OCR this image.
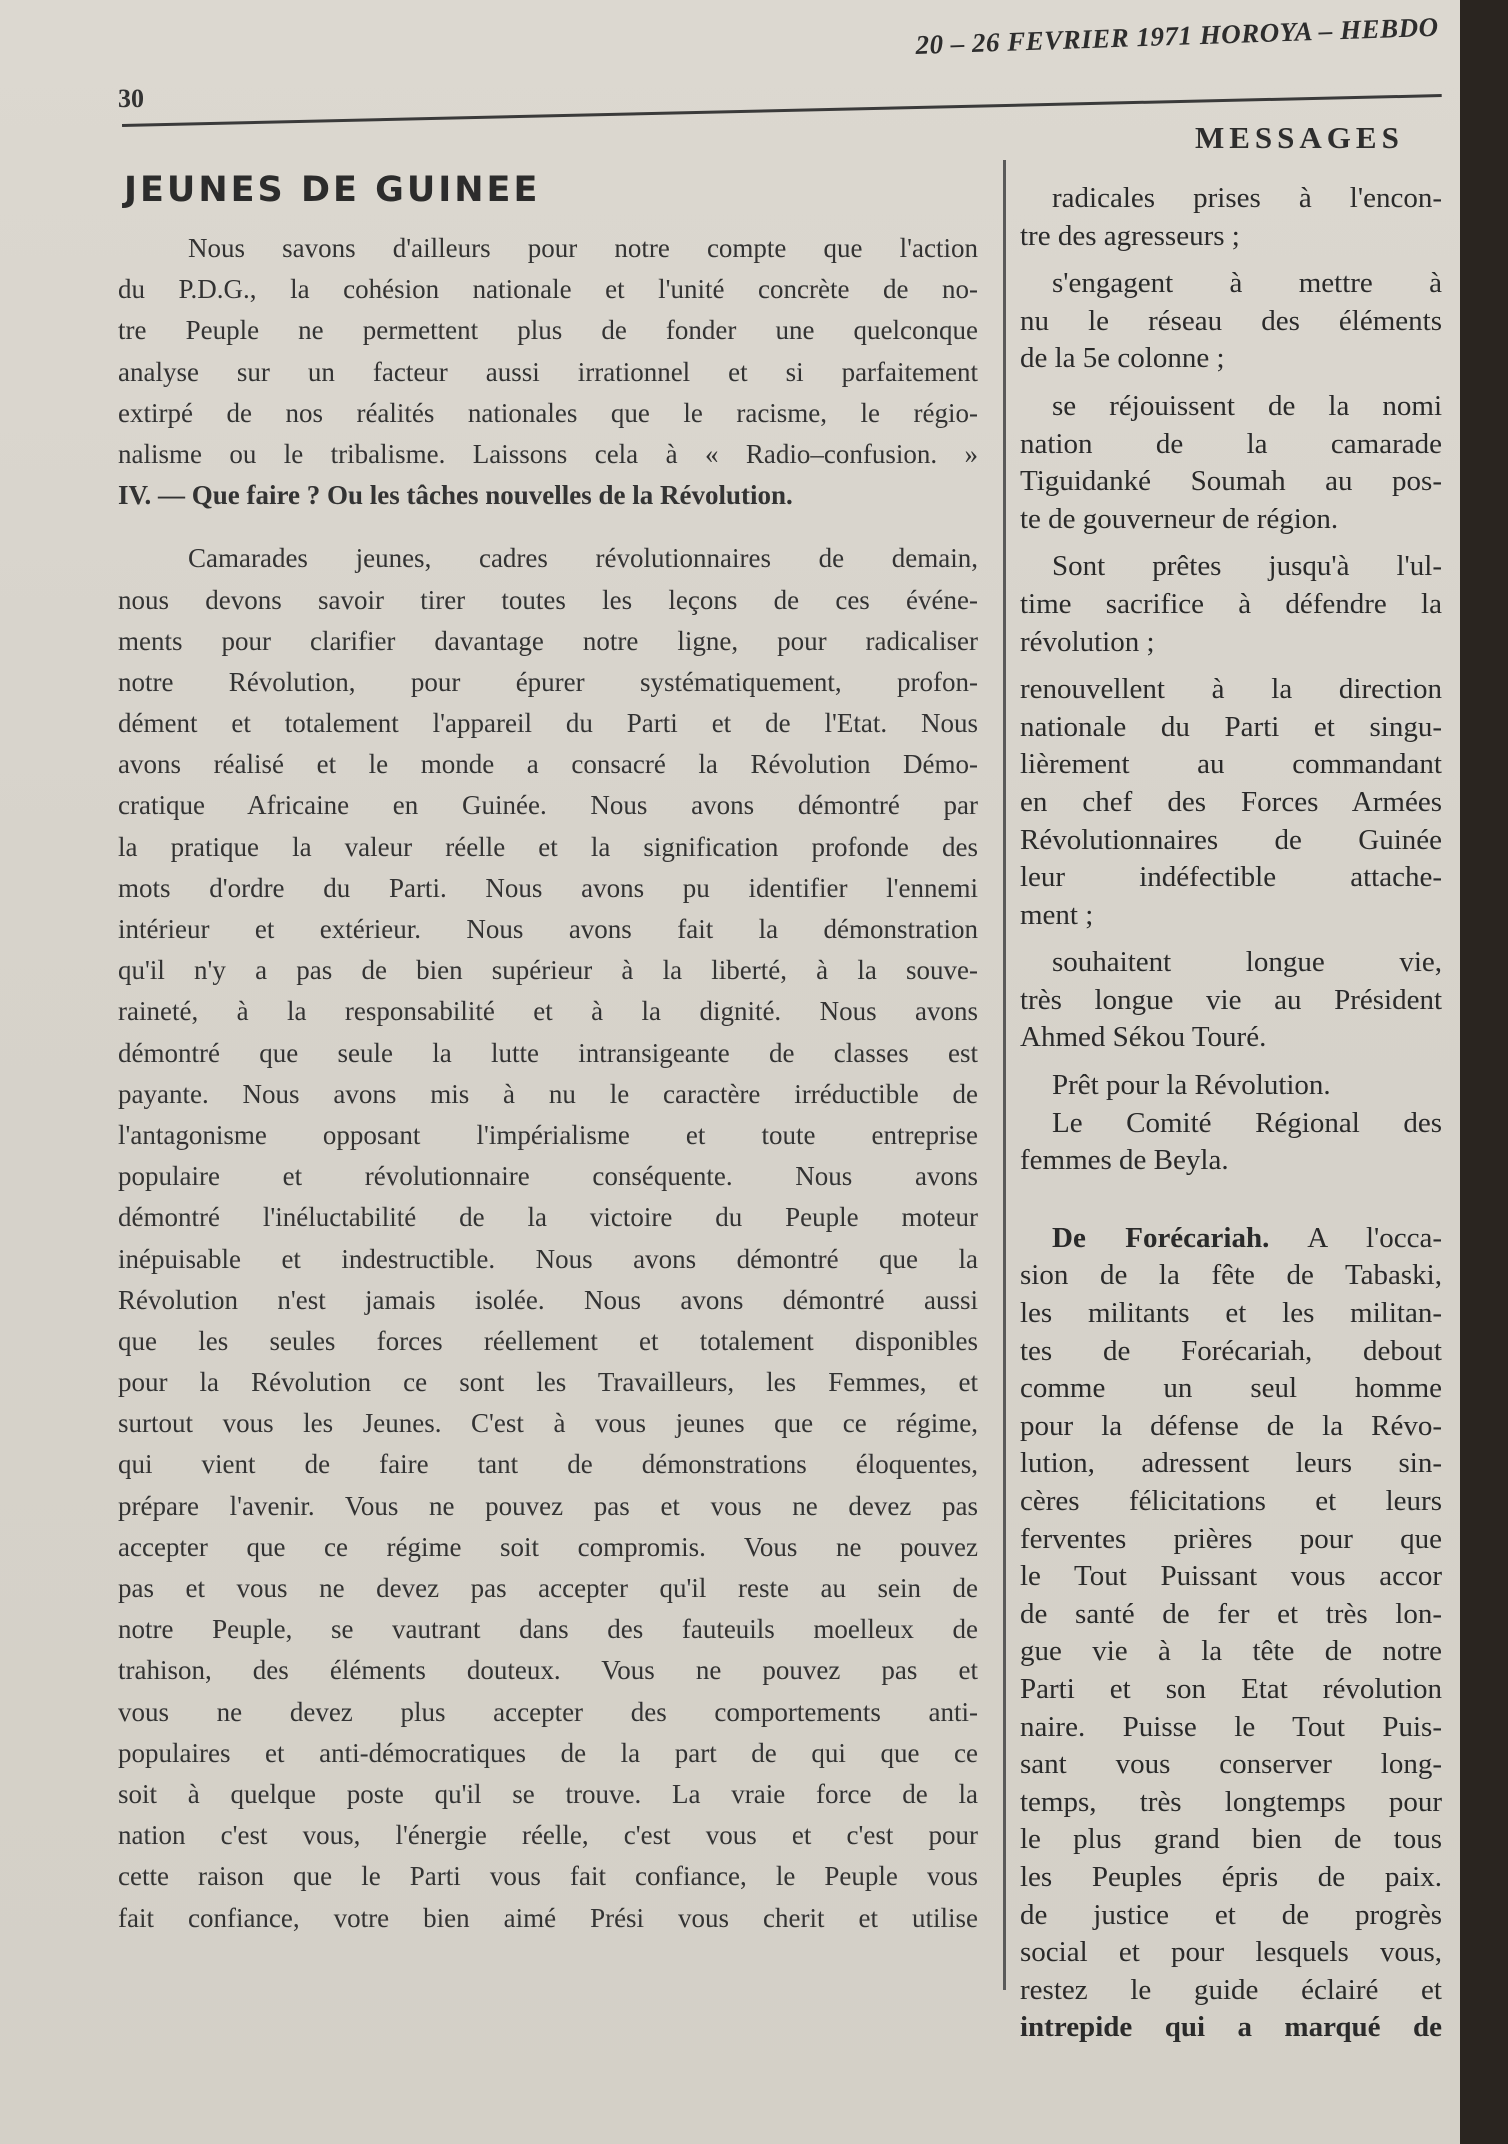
30
20 – 26 FEVRIER 1971 HOROYA – HEBDO
MESSAGES
JEUNES DE GUINEE
Nous savons d'ailleurs pour notre compte que l'action
du P.D.G., la cohésion nationale et l'unité concrète de no-
tre Peuple ne permettent plus de fonder une quelconque
analyse sur un facteur aussi irrationnel et si parfaitement
extirpé de nos réalités nationales que le racisme, le régio-
nalisme ou le tribalisme. Laissons cela à « Radio–confusion. »
IV. — Que faire ? Ou les tâches nouvelles de la Révolution.
Camarades jeunes, cadres révolutionnaires de demain,
nous devons savoir tirer toutes les leçons de ces événe-
ments pour clarifier davantage notre ligne, pour radicaliser
notre Révolution, pour épurer systématiquement, profon-
dément et totalement l'appareil du Parti et de l'Etat. Nous
avons réalisé et le monde a consacré la Révolution Démo-
cratique Africaine en Guinée. Nous avons démontré par
la pratique la valeur réelle et la signification profonde des
mots d'ordre du Parti. Nous avons pu identifier l'ennemi
intérieur et extérieur. Nous avons fait la démonstration
qu'il n'y a pas de bien supérieur à la liberté, à la souve-
raineté, à la responsabilité et à la dignité. Nous avons
démontré que seule la lutte intransigeante de classes est
payante. Nous avons mis à nu le caractère irréductible de
l'antagonisme opposant l'impérialisme et toute entreprise
populaire et révolutionnaire conséquente. Nous avons
démontré l'inéluctabilité de la victoire du Peuple moteur
inépuisable et indestructible. Nous avons démontré que la
Révolution n'est jamais isolée. Nous avons démontré aussi
que les seules forces réellement et totalement disponibles
pour la Révolution ce sont les Travailleurs, les Femmes, et
surtout vous les Jeunes. C'est à vous jeunes que ce régime,
qui vient de faire tant de démonstrations éloquentes,
prépare l'avenir. Vous ne pouvez pas et vous ne devez pas
accepter que ce régime soit compromis. Vous ne pouvez
pas et vous ne devez pas accepter qu'il reste au sein de
notre Peuple, se vautrant dans des fauteuils moelleux de
trahison, des éléments douteux. Vous ne pouvez pas et
vous ne devez plus accepter des comportements anti-
populaires et anti-démocratiques de la part de qui que ce
soit à quelque poste qu'il se trouve. La vraie force de la
nation c'est vous, l'énergie réelle, c'est vous et c'est pour
cette raison que le Parti vous fait confiance, le Peuple vous
fait confiance, votre bien aimé Prési vous cherit et utilise
radicales prises à l'encon-
tre des agresseurs ;
s'engagent à mettre à
nu le réseau des éléments
de la 5e colonne ;
se réjouissent de la nomi
nation de la camarade
Tiguidanké Soumah au pos-
te de gouverneur de région.
Sont prêtes jusqu'à l'ul-
time sacrifice à défendre la
révolution ;
renouvellent à la direction
nationale du Parti et singu-
lièrement au commandant
en chef des Forces Armées
Révolutionnaires de Guinée
leur indéfectible attache-
ment ;
souhaitent longue vie,
très longue vie au Président
Ahmed Sékou Touré.
Prêt pour la Révolution.
Le Comité Régional des
femmes de Beyla.
De Forécariah. A l'occa-
sion de la fête de Tabaski,
les militants et les militan-
tes de Forécariah, debout
comme un seul homme
pour la défense de la Révo-
lution, adressent leurs sin-
cères félicitations et leurs
ferventes prières pour que
le Tout Puissant vous accor
de santé de fer et très lon-
gue vie à la tête de notre
Parti et son Etat révolution
naire. Puisse le Tout Puis-
sant vous conserver long-
temps, très longtemps pour
le plus grand bien de tous
les Peuples épris de paix.
de justice et de progrès
social et pour lesquels vous,
restez le guide éclairé et
intrepide qui a marqué de
